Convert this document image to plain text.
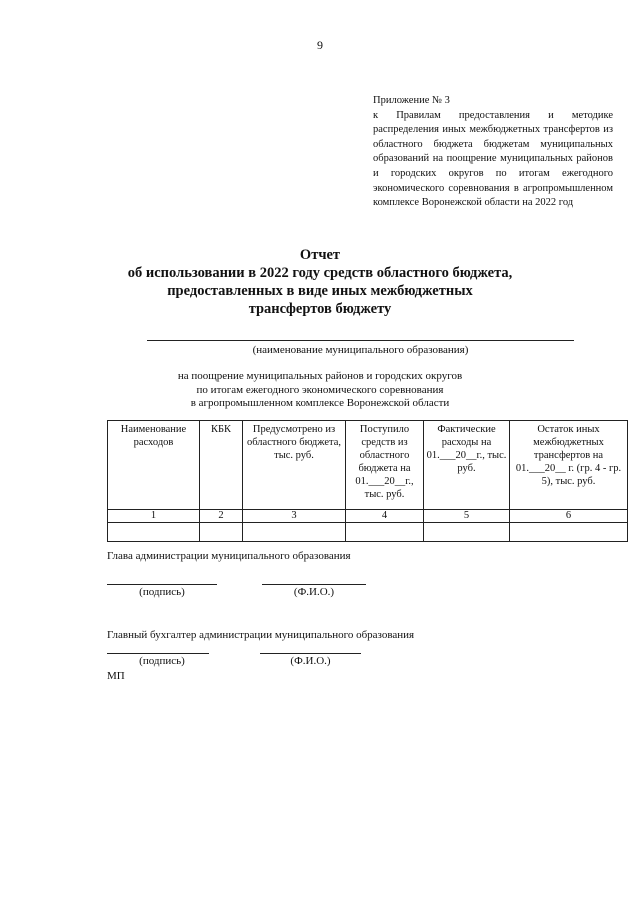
9
Приложение № 3
к Правилам предоставления и методике распределения иных межбюджетных трансфертов из областного бюджета бюджетам муниципальных образований на поощрение муниципальных районов и городских округов по итогам ежегодного экономического соревнования в агропромышленном комплексе Воронежской области на 2022 год
Отчет
об использовании в 2022 году средств областного бюджета,
предоставленных в виде иных межбюджетных
трансфертов бюджету
(наименование муниципального образования)
на поощрение муниципальных районов и городских округов
по итогам ежегодного экономического соревнования
в агропромышленном комплексе Воронежской области
Наименование расходов	КБК	Предусмотрено из областного бюджета, тыс. руб.	Поступило средств из областного бюджета на 01.___20__г., тыс. руб.	Фактические расходы на 01.___20__г., тыс. руб.	Остаток иных межбюджетных трансфертов на 01.___20__ г. (гр. 4 - гр. 5), тыс. руб.
1	2	3	4	5	6

Глава администрации муниципального образования
(подпись)	(Ф.И.О.)
Главный бухгалтер администрации муниципального образования
(подпись)	(Ф.И.О.)
МП
